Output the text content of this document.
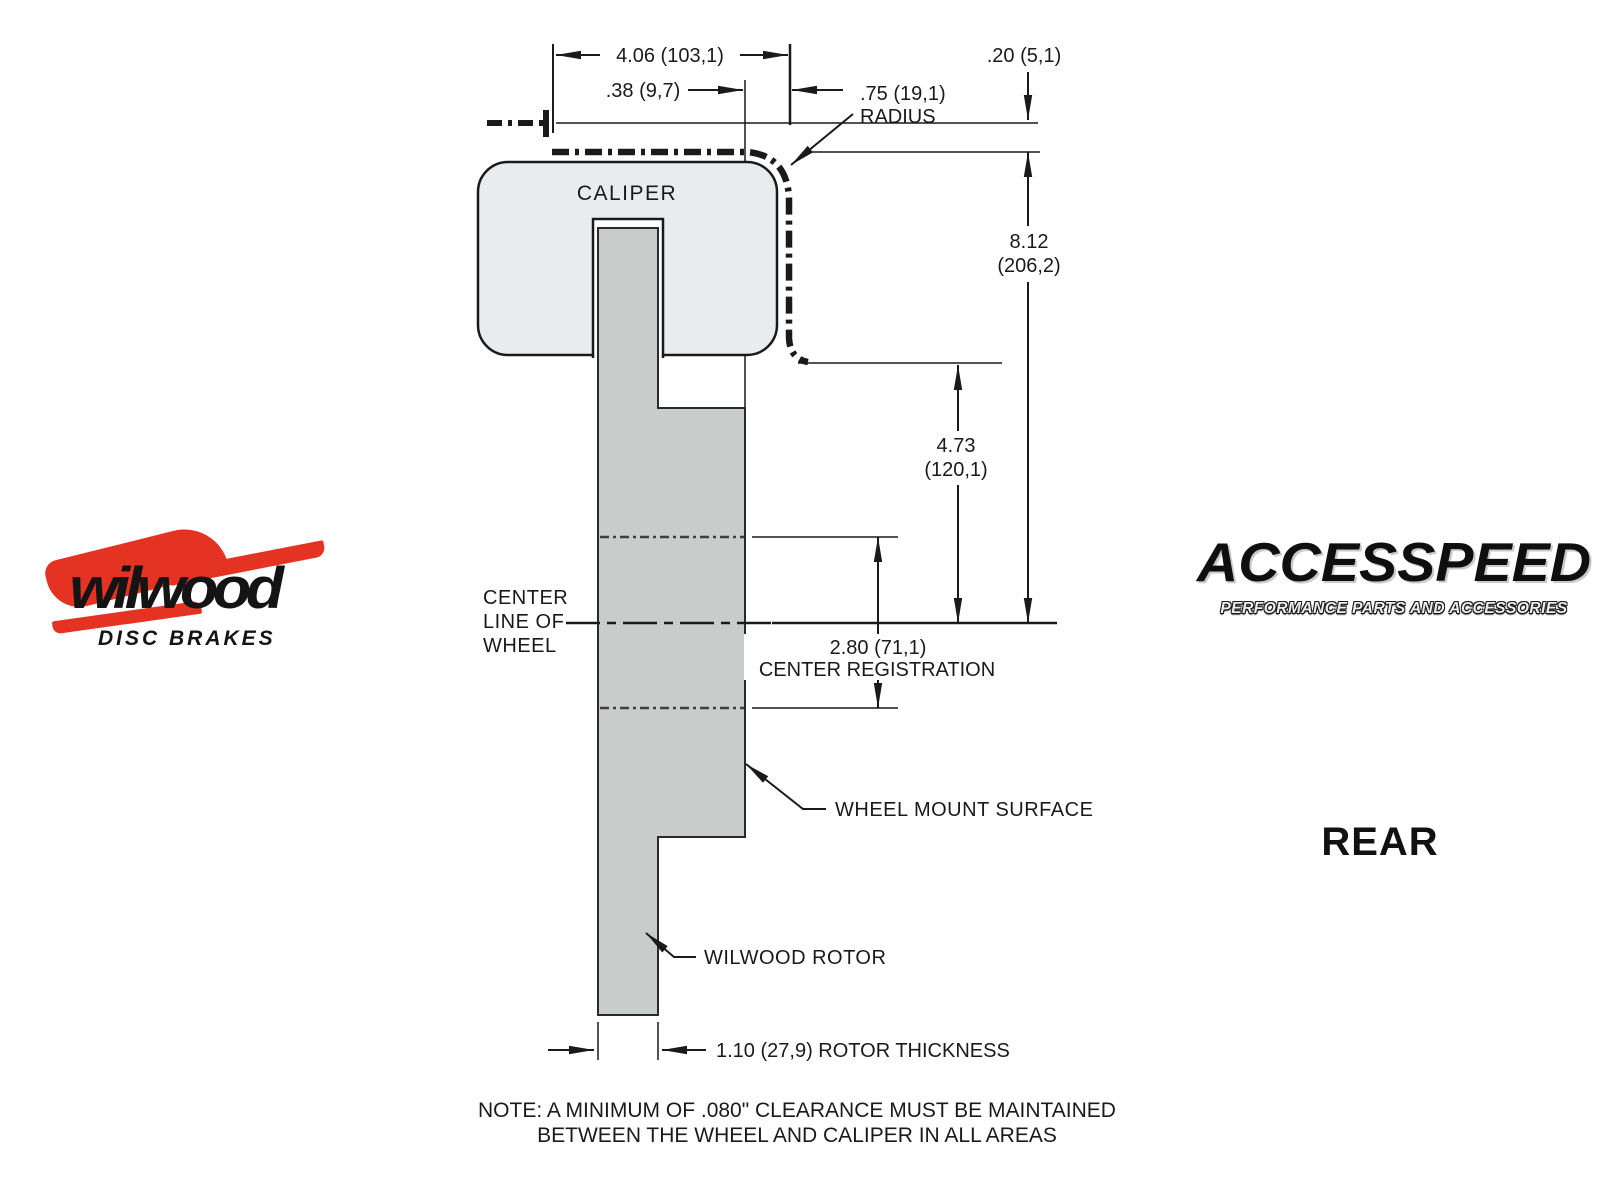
4.06 (103,1)
.38 (9,7)
.20 (5,1)
.75 (19,1)
RADIUS
8.12
(206,2)
4.73
(120,1)
2.80 (71,1)
CENTER REGISTRATION
CALIPER
CENTER
LINE OF
WHEEL
WHEEL MOUNT SURFACE
WILWOOD ROTOR
1.10 (27,9) ROTOR THICKNESS
NOTE: A MINIMUM OF .080" CLEARANCE MUST BE MAINTAINED
BETWEEN THE WHEEL AND CALIPER IN ALL AREAS
wilwood
DISC BRAKES
ACCESSPEED
PERFORMANCE PARTS AND ACCESSORIES
REAR
